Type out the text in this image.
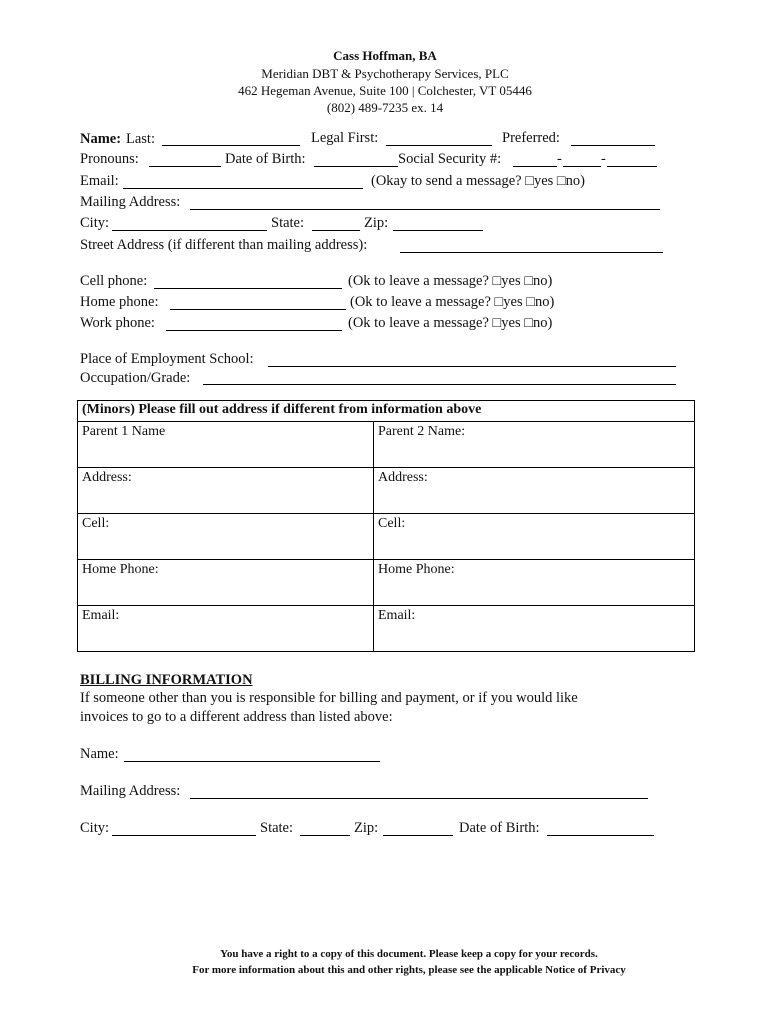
Cass Hoffman, BA
Meridian DBT & Psychotherapy Services, PLC
462 Hegeman Avenue, Suite 100 | Colchester, VT 05446
(802) 489-7235 ex. 14
Name: Last:	Legal First:	Preferred:
Pronouns:	Date of Birth:	Social Security #:	-	-
Email:	(Okay to send a message? □yes □no)
Mailing Address:
City:	State:	Zip:
Street Address (if different than mailing address):
Cell phone:	(Ok to leave a message? □yes □no)
Home phone:	(Ok to leave a message? □yes □no)
Work phone:	(Ok to leave a message? □yes □no)
Place of Employment School:
Occupation/Grade:
(Minors) Please fill out address if different from information above	
Parent 1 Name	Parent 2 Name:
Address:	Address:
Cell:	Cell:
Home Phone:	Home Phone:
Email:	Email:
BILLING INFORMATION
If someone other than you is responsible for billing and payment, or if you would like
invoices to go to a different address than listed above:
Name:
Mailing Address:
City:	State:	Zip:	Date of Birth:
You have a right to a copy of this document. Please keep a copy for your records.
For more information about this and other rights, please see the applicable Notice of Privacy
